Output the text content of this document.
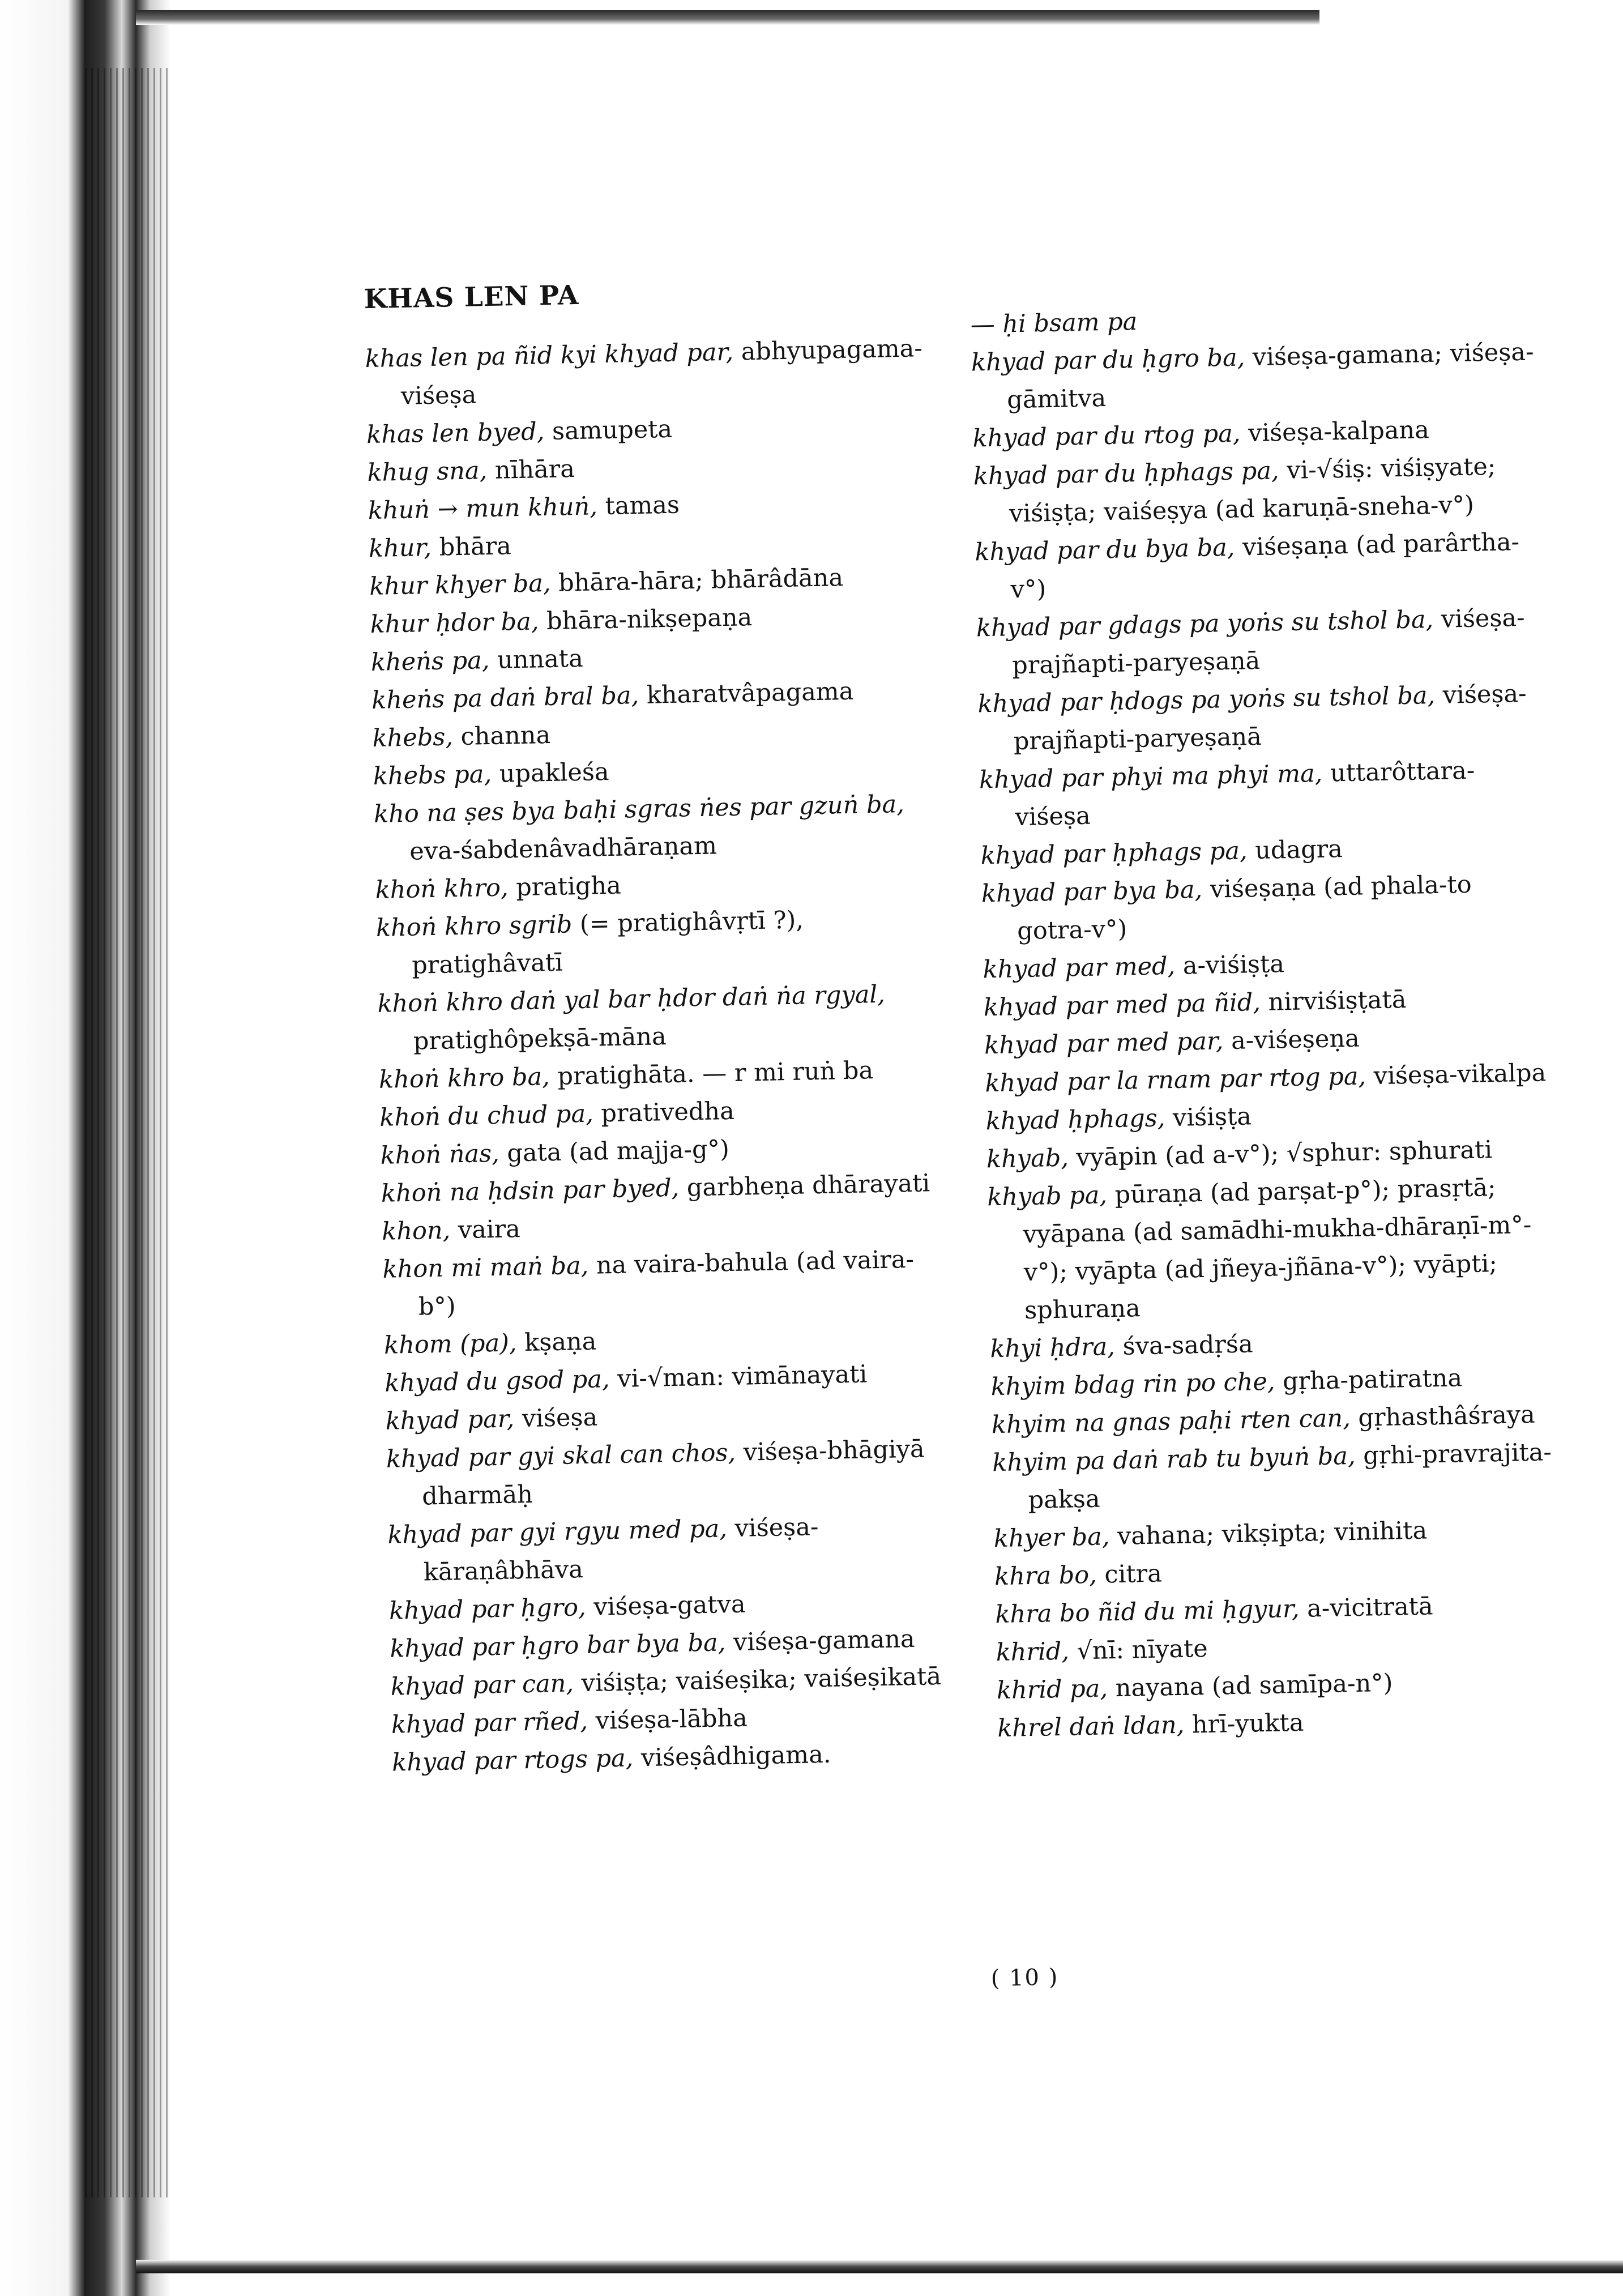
KHAS LEN PA
khas len pa ñid kyi khyad par, abhyupagama-viśeṣa
khas len byed, samupeta
khug sna, nīhāra
khuṅ → mun khuṅ, tamas
khur, bhāra
khur khyer ba, bhāra-hāra; bhārâdāna
khur ḥdor ba, bhāra-nikṣepaṇa
kheṅs pa, unnata
kheṅs pa daṅ bral ba, kharatvâpagama
khebs, channa
khebs pa, upakleśa
kho na ṣes bya baḥi sgras ṅes par gzuṅ ba, eva-śabdenâvadhāraṇam
khoṅ khro, pratigha
khoṅ khro sgrib (= pratighâvṛtī ?), pratighâvatī
khoṅ khro daṅ yal bar ḥdor daṅ ṅa rgyal, pratighôpekṣā-māna
khoṅ khro ba, pratighāta. — r mi ruṅ ba
khoṅ du chud pa, prativedha
khoṅ ṅas, gata (ad majja-g°)
khoṅ na ḥdsin par byed, garbheṇa dhārayati
khon, vaira
khon mi maṅ ba, na vaira-bahula (ad vaira-b°)
khom (pa), kṣaṇa
khyad du gsod pa, vi-√man: vimānayati
khyad par, viśeṣa
khyad par gyi skal can chos, viśeṣa-bhāgiyā dharmāḥ
khyad par gyi rgyu med pa, viśeṣa-kāraṇâbhāva
khyad par ḥgro, viśeṣa-gatva
khyad par ḥgro bar bya ba, viśeṣa-gamana
khyad par can, viśiṣṭa; vaiśeṣika; vaiśeṣikatā
khyad par rñed, viśeṣa-lābha
khyad par rtogs pa, viśeṣâdhigama.
— ḥi bsam pa
khyad par du ḥgro ba, viśeṣa-gamana; viśeṣa-gāmitva
khyad par du rtog pa, viśeṣa-kalpana
khyad par du ḥphags pa, vi-√śiṣ: viśiṣyate; viśiṣṭa; vaiśeṣya (ad karuṇā-sneha-v°)
khyad par du bya ba, viśeṣaṇa (ad parârtha-v°)
khyad par gdags pa yoṅs su tshol ba, viśeṣa-prajñapti-paryeṣaṇā
khyad par ḥdogs pa yoṅs su tshol ba, viśeṣa-prajñapti-paryeṣaṇā
khyad par phyi ma phyi ma, uttarôttara-viśeṣa
khyad par ḥphags pa, udagra
khyad par bya ba, viśeṣaṇa (ad phala-to gotra-v°)
khyad par med, a-viśiṣṭa
khyad par med pa ñid, nirviśiṣṭatā
khyad par med par, a-viśeṣeṇa
khyad par la rnam par rtog pa, viśeṣa-vikalpa
khyad ḥphags, viśiṣṭa
khyab, vyāpin (ad a-v°); √sphur: sphurati
khyab pa, pūraṇa (ad parṣat-p°); prasṛtā; vyāpana (ad samādhi-mukha-dhāraṇī-m°-v°); vyāpta (ad jñeya-jñāna-v°); vyāpti; sphuraṇa
khyi ḥdra, śva-sadṛśa
khyim bdag rin po che, gṛha-patiratna
khyim na gnas paḥi rten can, gṛhasthâśraya
khyim pa daṅ rab tu byuṅ ba, gṛhi-pravrajita-pakṣa
khyer ba, vahana; vikṣipta; vinihita
khra bo, citra
khra bo ñid du mi ḥgyur, a-vicitratā
khrid, √nī: nīyate
khrid pa, nayana (ad samīpa-n°)
khrel daṅ ldan, hrī-yukta
( 10 )
